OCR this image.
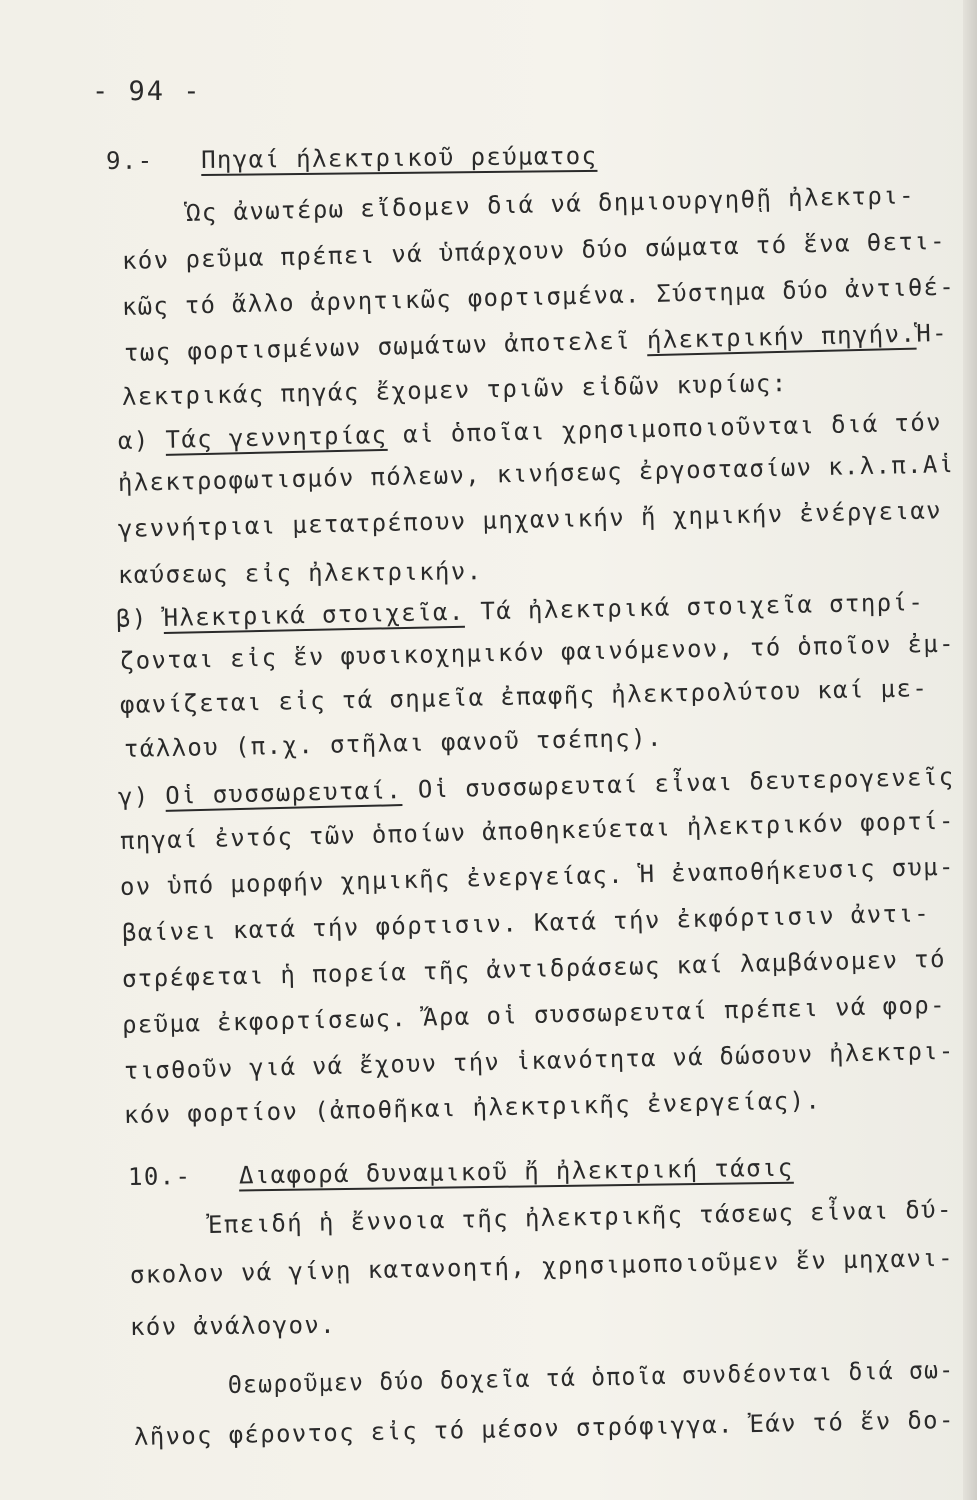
- 94 -
9.- Πηγαί ήλεκτρικοῦ ρεύματος
Ὡς ἀνωτέρω εἴδομεν διά νά δημιουργηθῇ ἠλεκτρι-
κόν ρεῦμα πρέπει νά ὑπάρχουν δύο σώματα τό ἕνα θετι-
κῶς τό ἄλλο ἀρνητικῶς φορτισμένα. Σύστημα δύο ἀντιθέ-
τως φορτισμένων σωμάτων ἀποτελεῖ ήλεκτρικήν πηγήν.Ἡ-
λεκτρικάς πηγάς ἔχομεν τριῶν εἰδῶν κυρίως:
α) Τάς γεννητρίας αἱ ὁποῖαι χρησιμοποιοῦνται διά τόν
ἠλεκτροφωτισμόν πόλεων, κινήσεως ἐργοστασίων κ.λ.π.Αἱ
γεννήτριαι μετατρέπουν μηχανικήν ἤ χημικήν ἐνέργειαν
καύσεως εἰς ἠλεκτρικήν.
β) Ἠλεκτρικά στοιχεῖα. Τά ἠλεκτρικά στοιχεῖα στηρί-
ζονται εἰς ἕν φυσικοχημικόν φαινόμενον, τό ὁποῖον ἐμ-
φανίζεται εἰς τά σημεῖα ἐπαφῆς ἠλεκτρολύτου καί με-
τάλλου (π.χ. στῆλαι φανοῦ τσέπης).
γ) Οἱ συσσωρευταί. Οἱ συσσωρευταί εἶναι δευτερογενεῖς
πηγαί ἐντός τῶν ὁποίων ἀποθηκεύεται ἠλεκτρικόν φορτί-
ον ὑπό μορφήν χημικῆς ἐνεργείας. Ἡ ἐναποθήκευσις συμ-
βαίνει κατά τήν φόρτισιν. Κατά τήν ἐκφόρτισιν ἀντι-
στρέφεται ἡ πορεία τῆς ἀντιδράσεως καί λαμβάνομεν τό
ρεῦμα ἐκφορτίσεως. Ἄρα οἱ συσσωρευταί πρέπει νά φορ-
τισθοῦν γιά νά ἔχουν τήν ἱκανότητα νά δώσουν ἠλεκτρι-
κόν φορτίον (ἀποθῆκαι ἠλεκτρικῆς ἐνεργείας).
10.- Διαφορά δυναμικοῦ ἤ ἠλεκτρική τάσις
Ἐπειδή ἡ ἔννοια τῆς ἠλεκτρικῆς τάσεως εἶναι δύ-
σκολον νά γίνῃ κατανοητή, χρησιμοποιοῦμεν ἕν μηχανι-
κόν ἀνάλογον.
Θεωροῦμεν δύο δοχεῖα τά ὁποῖα συνδέονται διά σω-
λῆνος φέροντος εἰς τό μέσον στρόφιγγα. Ἐάν τό ἕν δο-
